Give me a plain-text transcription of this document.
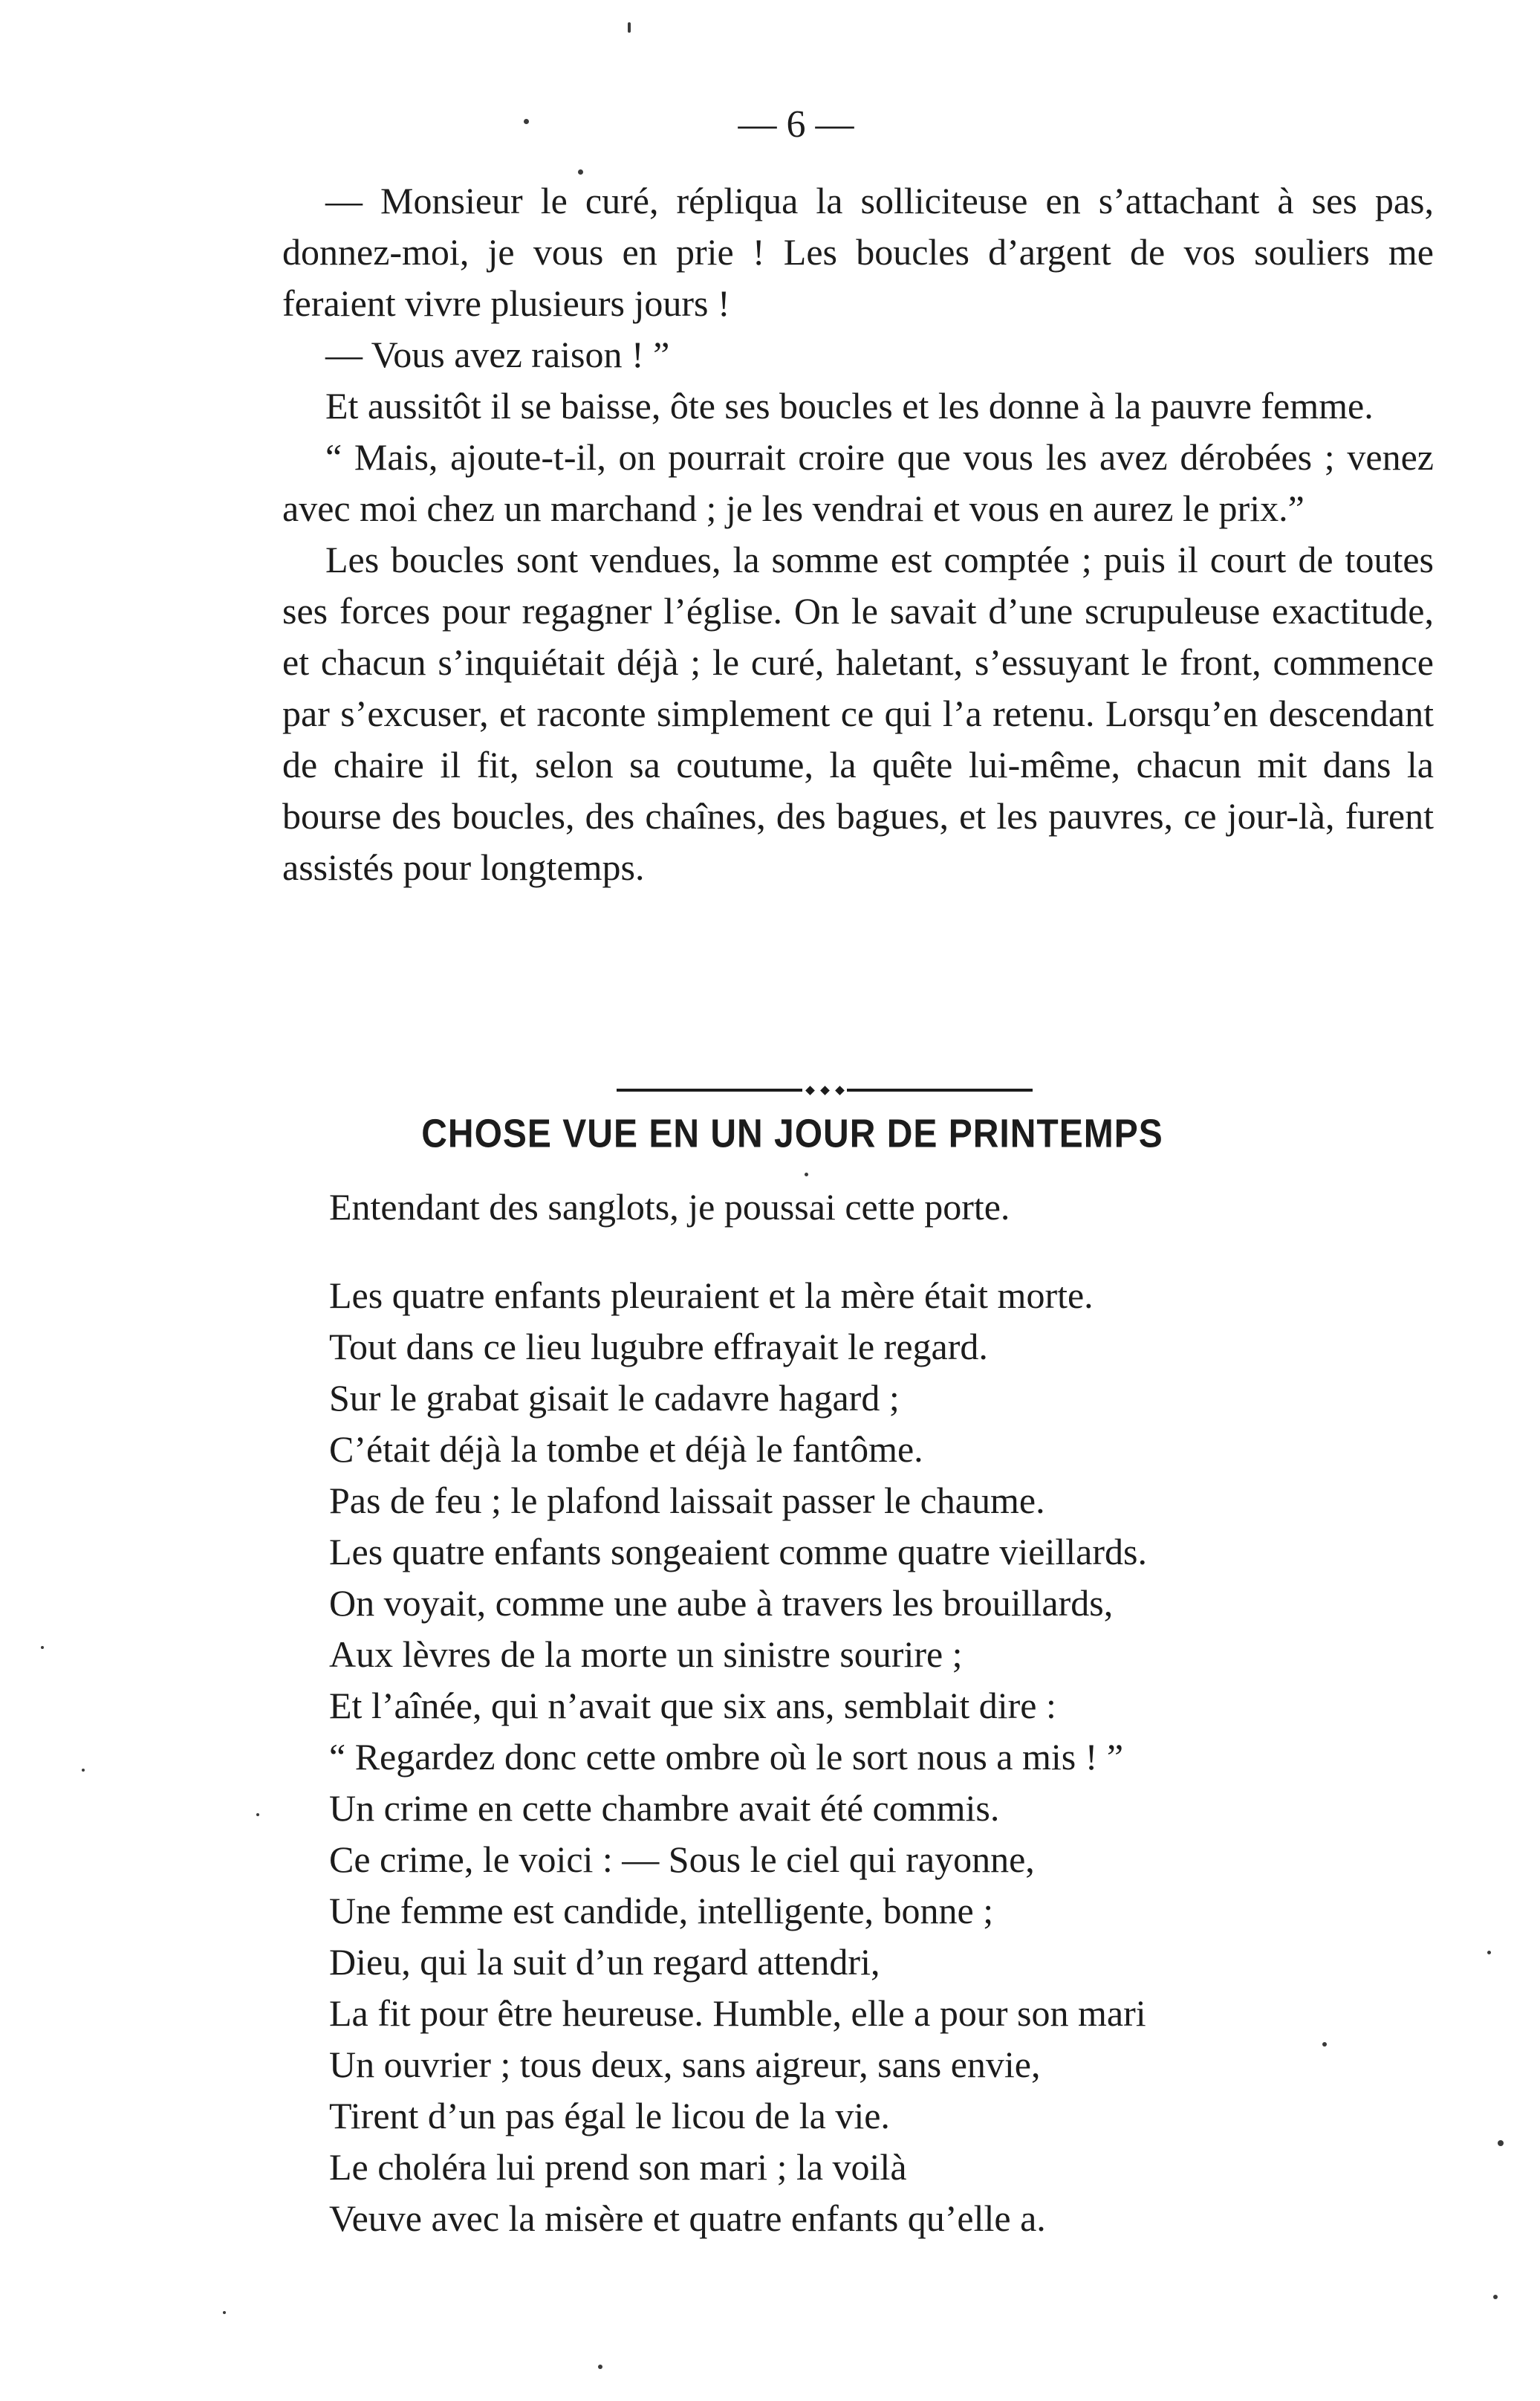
— 6 —

— Monsieur le curé, répliqua la solliciteuse en s’attachant à ses pas, donnez-moi, je vous en prie ! Les boucles d’argent de vos souliers me feraient vivre plusieurs jours !

— Vous avez raison ! ”

Et aussitôt il se baisse, ôte ses boucles et les donne à la pauvre femme.

“ Mais, ajoute-t-il, on pourrait croire que vous les avez dérobées ; venez avec moi chez un marchand ; je les vendrai et vous en aurez le prix.”

Les boucles sont vendues, la somme est comptée ; puis il court de toutes ses forces pour regagner l’église. On le savait d’une scrupuleuse exactitude, et chacun s’inquiétait déjà ; le curé, haletant, s’essuyant le front, commence par s’excuser, et raconte simplement ce qui l’a retenu. Lorsqu’en descendant de chaire il fit, selon sa coutume, la quête lui-même, chacun mit dans la bourse des boucles, des chaînes, des bagues, et les pauvres, ce jour-là, furent assistés pour longtemps.

CHOSE VUE EN UN JOUR DE PRINTEMPS
Entendant des sanglots, je poussai cette porte.
Les quatre enfants pleuraient et la mère était morte.
Tout dans ce lieu lugubre effrayait le regard.
Sur le grabat gisait le cadavre hagard ;
C’était déjà la tombe et déjà le fantôme.
Pas de feu ; le plafond laissait passer le chaume.
Les quatre enfants songeaient comme quatre vieillards.
On voyait, comme une aube à travers les brouillards,
Aux lèvres de la morte un sinistre sourire ;
Et l’aînée, qui n’avait que six ans, semblait dire :
“ Regardez donc cette ombre où le sort nous a mis ! ”
Un crime en cette chambre avait été commis.
Ce crime, le voici : — Sous le ciel qui rayonne,
Une femme est candide, intelligente, bonne ;
Dieu, qui la suit d’un regard attendri,
La fit pour être heureuse. Humble, elle a pour son mari
Un ouvrier ; tous deux, sans aigreur, sans envie,
Tirent d’un pas égal le licou de la vie.
Le choléra lui prend son mari ; la voilà
Veuve avec la misère et quatre enfants qu’elle a.
